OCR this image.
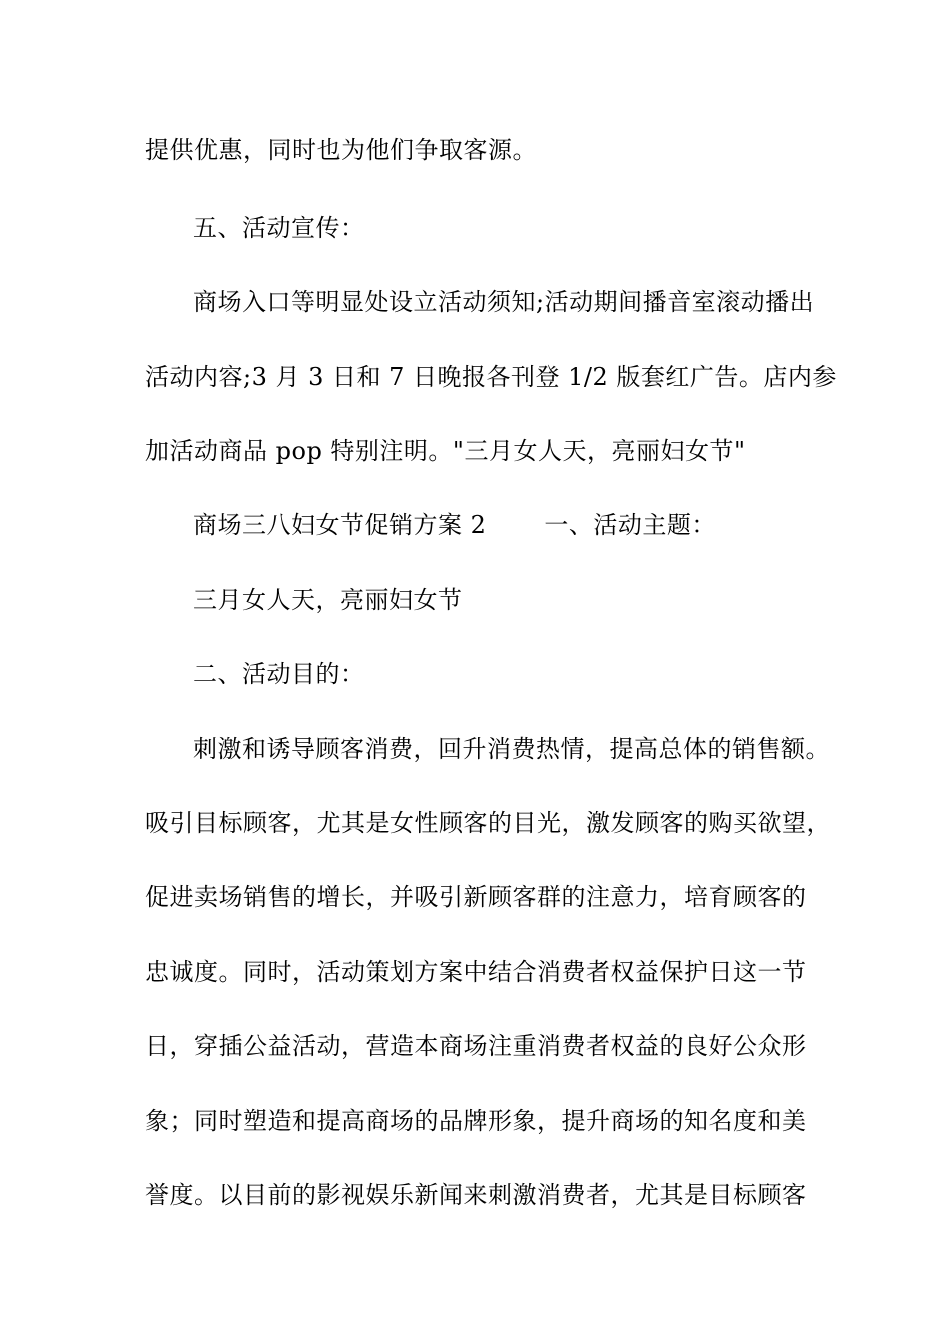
提供优惠，同时也为他们争取客源。
五、活动宣传：
商场入口等明显处设立活动须知;活动期间播音室滚动播出
活动内容;3 月 3 日和 7 日晚报各刊登 1/2 版套红广告。店内参
加活动商品 pop 特别注明。"三月女人天，亮丽妇女节"
商场三八妇女节促销方案 2 一、活动主题：
三月女人天，亮丽妇女节
二、活动目的：
刺激和诱导顾客消费，回升消费热情，提高总体的销售额。
吸引目标顾客，尤其是女性顾客的目光，激发顾客的购买欲望，
促进卖场销售的增长，并吸引新顾客群的注意力，培育顾客的
忠诚度。同时，活动策划方案中结合消费者权益保护日这一节
日，穿插公益活动，营造本商场注重消费者权益的良好公众形
象；同时塑造和提高商场的品牌形象，提升商场的知名度和美
誉度。以目前的影视娱乐新闻来刺激消费者，尤其是目标顾客
